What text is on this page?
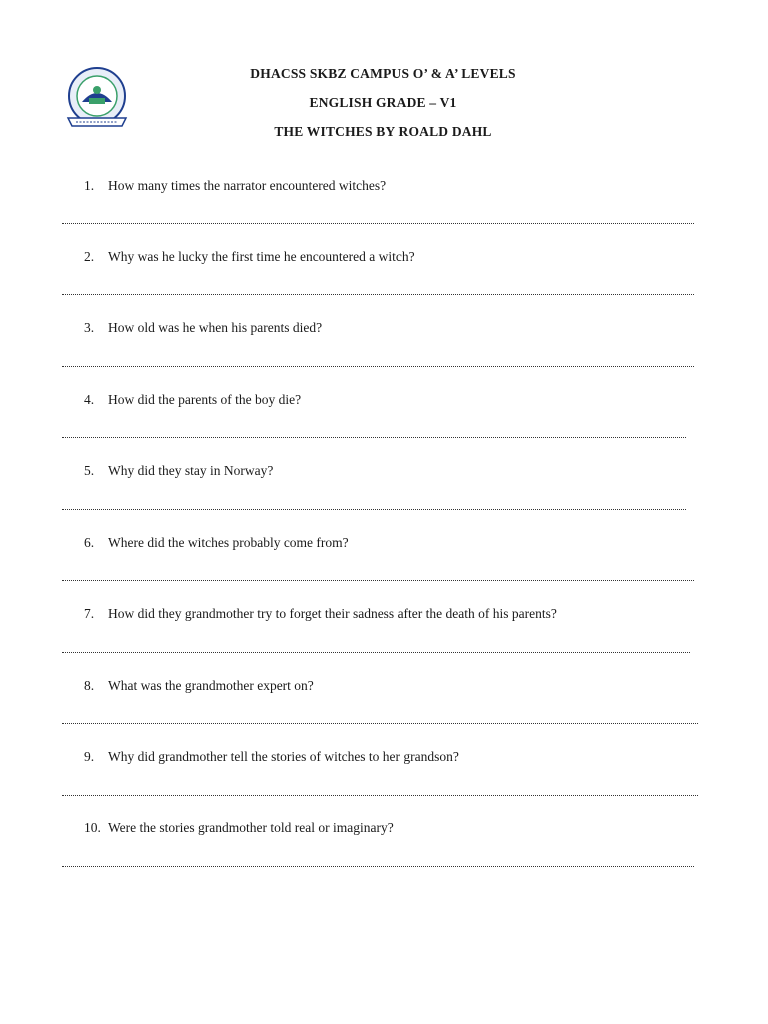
DHACSS SKBZ CAMPUS O’ & A’ LEVELS
ENGLISH GRADE – V1
THE WITCHES BY ROALD DAHL
1. How many times the narrator encountered witches?
2. Why was he lucky the first time he encountered a witch?
3. How old was he when his parents died?
4. How did the parents of the boy die?
5. Why did they stay in Norway?
6. Where did the witches probably come from?
7. How did they grandmother try to forget their sadness after the death of his parents?
8. What was the grandmother expert on?
9. Why did grandmother tell the stories of witches to her grandson?
10. Were the stories grandmother told real or imaginary?
